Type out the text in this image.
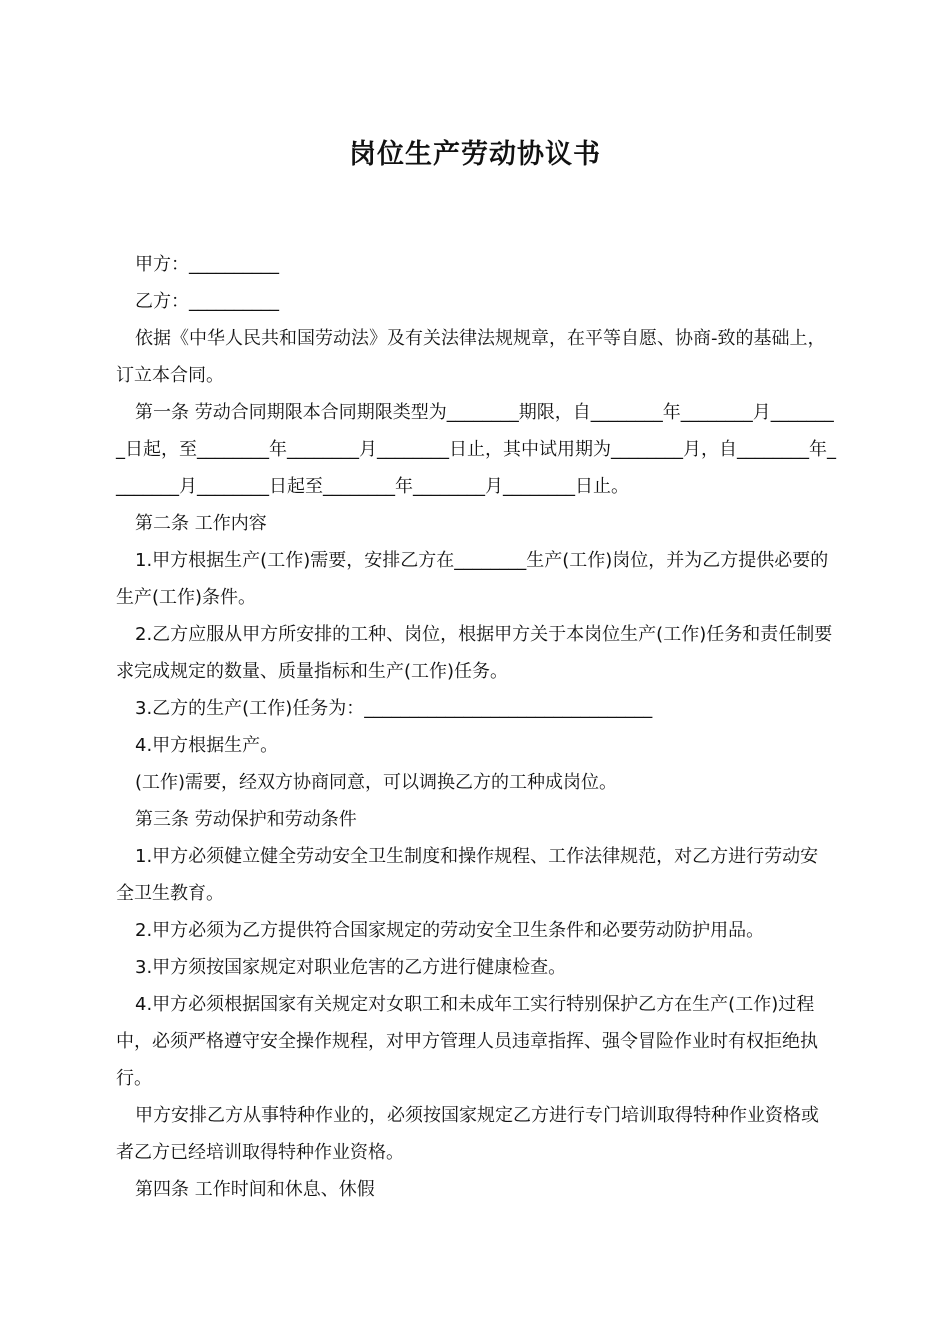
岗位生产劳动协议书

甲方：__________

乙方：__________

依据《中华人民共和国劳动法》及有关法律法规规章，在平等自愿、协商-致的基础上，订立本合同。

第一条 劳动合同期限本合同期限类型为________期限，自________年________月________日起，至________年________月________日止，其中试用期为________月，自________年________月________日起至________年________月________日止。

第二条 工作内容

1.甲方根据生产(工作)需要，安排乙方在________生产(工作)岗位，并为乙方提供必要的生产(工作)条件。

2.乙方应服从甲方所安排的工种、岗位，根据甲方关于本岗位生产(工作)任务和责任制要求完成规定的数量、质量指标和生产(工作)任务。

3.乙方的生产(工作)任务为：________________________________

4.甲方根据生产。

(工作)需要，经双方协商同意，可以调换乙方的工种成岗位。

第三条 劳动保护和劳动条件

1.甲方必须健立健全劳动安全卫生制度和操作规程、工作法律规范，对乙方进行劳动安全卫生教育。

2.甲方必须为乙方提供符合国家规定的劳动安全卫生条件和必要劳动防护用品。

3.甲方须按国家规定对职业危害的乙方进行健康检查。

4.甲方必须根据国家有关规定对女职工和未成年工实行特别保护乙方在生产(工作)过程中，必须严格遵守安全操作规程，对甲方管理人员违章指挥、强令冒险作业时有权拒绝执行。

甲方安排乙方从事特种作业的，必须按国家规定乙方进行专门培训取得特种作业资格或者乙方已经培训取得特种作业资格。

第四条 工作时间和休息、休假
